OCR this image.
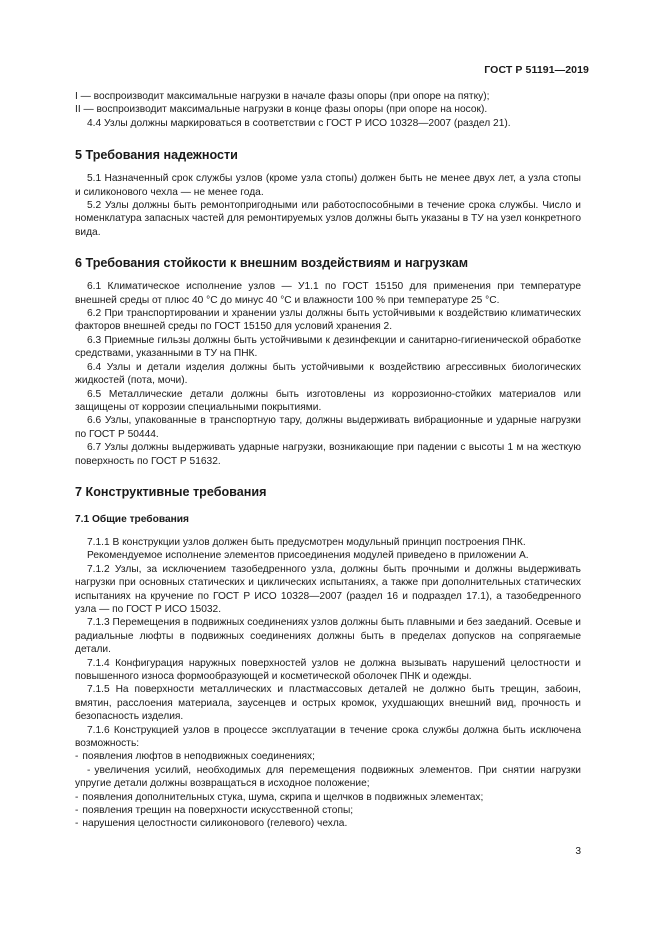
ГОСТ Р 51191—2019

I — воспроизводит максимальные нагрузки в начале фазы опоры (при опоре на пятку);

II — воспроизводит максимальные нагрузки в конце фазы опоры (при опоре на носок).

4.4 Узлы должны маркироваться в соответствии с ГОСТ Р ИСО 10328—2007 (раздел 21).

5 Требования надежности

5.1 Назначенный срок службы узлов (кроме узла стопы) должен быть не менее двух лет, а узла стопы и силиконового чехла — не менее года.

5.2 Узлы должны быть ремонтопригодными или работоспособными в течение срока службы. Число и номенклатура запасных частей для ремонтируемых узлов должны быть указаны в ТУ на узел конкретного вида.

6 Требования стойкости к внешним воздействиям и нагрузкам

6.1 Климатическое исполнение узлов — У1.1 по ГОСТ 15150 для применения при температуре внешней среды от плюс 40 °С до минус 40 °С и влажности 100 % при температуре 25 °С.

6.2 При транспортировании и хранении узлы должны быть устойчивыми к воздействию климатических факторов внешней среды по ГОСТ 15150 для условий хранения 2.

6.3 Приемные гильзы должны быть устойчивыми к дезинфекции и санитарно-гигиенической обработке средствами, указанными в ТУ на ПНК.

6.4 Узлы и детали изделия должны быть устойчивыми к воздействию агрессивных биологических жидкостей (пота, мочи).

6.5 Металлические детали должны быть изготовлены из коррозионно-стойких материалов или защищены от коррозии специальными покрытиями.

6.6 Узлы, упакованные в транспортную тару, должны выдерживать вибрационные и ударные нагрузки по ГОСТ Р 50444.

6.7 Узлы должны выдерживать ударные нагрузки, возникающие при падении с высоты 1 м на жесткую поверхность по ГОСТ Р 51632.

7 Конструктивные требования
7.1 Общие требования

7.1.1 В конструкции узлов должен быть предусмотрен модульный принцип построения ПНК.

Рекомендуемое исполнение элементов присоединения модулей приведено в приложении А.

7.1.2 Узлы, за исключением тазобедренного узла, должны быть прочными и должны выдерживать нагрузки при основных статических и циклических испытаниях, а также при дополнительных статических испытаниях на кручение по ГОСТ Р ИСО 10328—2007 (раздел 16 и подраздел 17.1), а тазобедренного узла — по ГОСТ Р ИСО 15032.

7.1.3 Перемещения в подвижных соединениях узлов должны быть плавными и без заеданий. Осевые и радиальные люфты в подвижных соединениях должны быть в пределах допусков на сопрягаемые детали.

7.1.4 Конфигурация наружных поверхностей узлов не должна вызывать нарушений целостности и повышенного износа формообразующей и косметической оболочек ПНК и одежды.

7.1.5 На поверхности металлических и пластмассовых деталей не должно быть трещин, забоин, вмятин, расслоения материала, заусенцев и острых кромок, ухудшающих внешний вид, прочность и безопасность изделия.

7.1.6 Конструкцией узлов в процессе эксплуатации в течение срока службы должна быть исключена возможность:

- появления люфтов в неподвижных соединениях;

- увеличения усилий, необходимых для перемещения подвижных элементов. При снятии нагрузки упругие детали должны возвращаться в исходное положение;

- появления дополнительных стука, шума, скрипа и щелчков в подвижных элементах;

- появления трещин на поверхности искусственной стопы;

- нарушения целостности силиконового (гелевого) чехла.

3
